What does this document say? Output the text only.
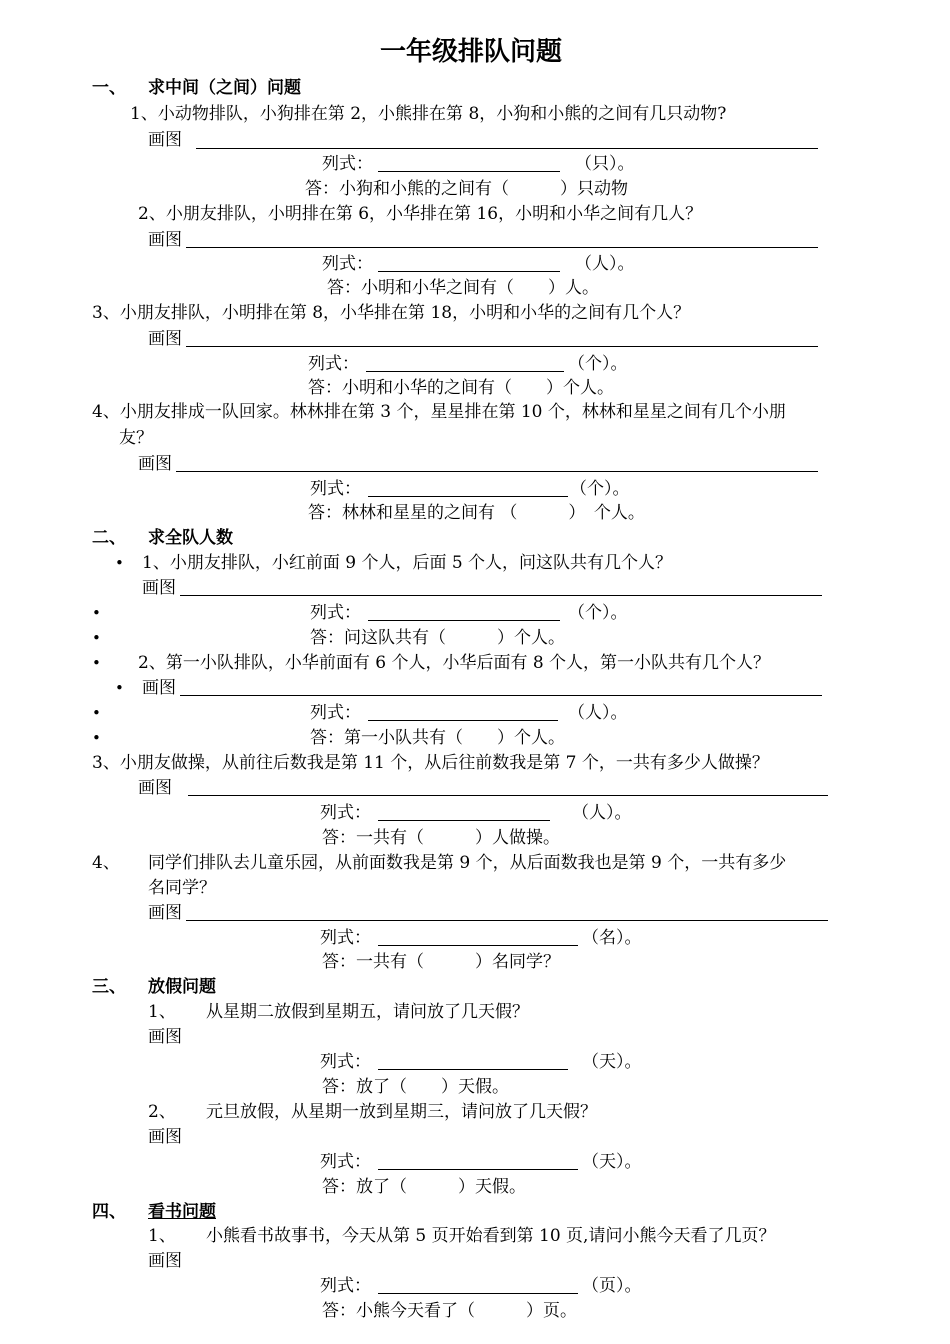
一年级排队问题
一、 求中间（之间）问题
1、小动物排队，小狗排在第 2，小熊排在第 8，小狗和小熊的之间有几只动物?
画图
列式：	（只）。
答：小狗和小熊的之间有（　　　）只动物
2、小朋友排队，小明排在第 6，小华排在第 16，小明和小华之间有几人？
画图
列式：	（人）。
答：小明和小华之间有（　　）人。
3、小朋友排队，小明排在第 8，小华排在第 18，小明和小华的之间有几个人？
画图
列式：	（个）。
答：小明和小华的之间有（　　）个人。
4、小朋友排成一队回家。林林排在第 3 个，星星排在第 10 个，林林和星星之间有几个小朋
友？
画图
列式：	（个）。
答：林林和星星的之间有 （　　　）　个人。
二、 求全队人数
• 1、小朋友排队，小红前面 9 个人，后面 5 个人，问这队共有几个人？
画图
•	列式：	（个）。
•	答：问这队共有（　　　）个人。
• 2、第一小队排队，小华前面有 6 个人，小华后面有 8 个人，第一小队共有几个人？
• 画图
•	列式：	（人）。
•	答：第一小队共有（　　）个人。
3、小朋友做操，从前往后数我是第 11 个，从后往前数我是第 7 个，一共有多少人做操？
画图
列式：	（人）。
答：一共有（　　　）人做操。
4、 同学们排队去儿童乐园，从前面数我是第 9 个，从后面数我也是第 9 个，一共有多少
名同学？
画图
列式：	（名）。
答：一共有（　　　）名同学？
三、 放假问题
1、 从星期二放假到星期五，请问放了几天假？
画图
列式：	（天）。
答：放了（　　）天假。
2、 元旦放假，从星期一放到星期三，请问放了几天假？
画图
列式：	（天）。
答：放了（　　　）天假。
四、 看书问题
1、 小熊看书故事书，今天从第 5 页开始看到第 10 页,请问小熊今天看了几页？
画图
列式：	（页）。
答：小熊今天看了（　　　）页。
